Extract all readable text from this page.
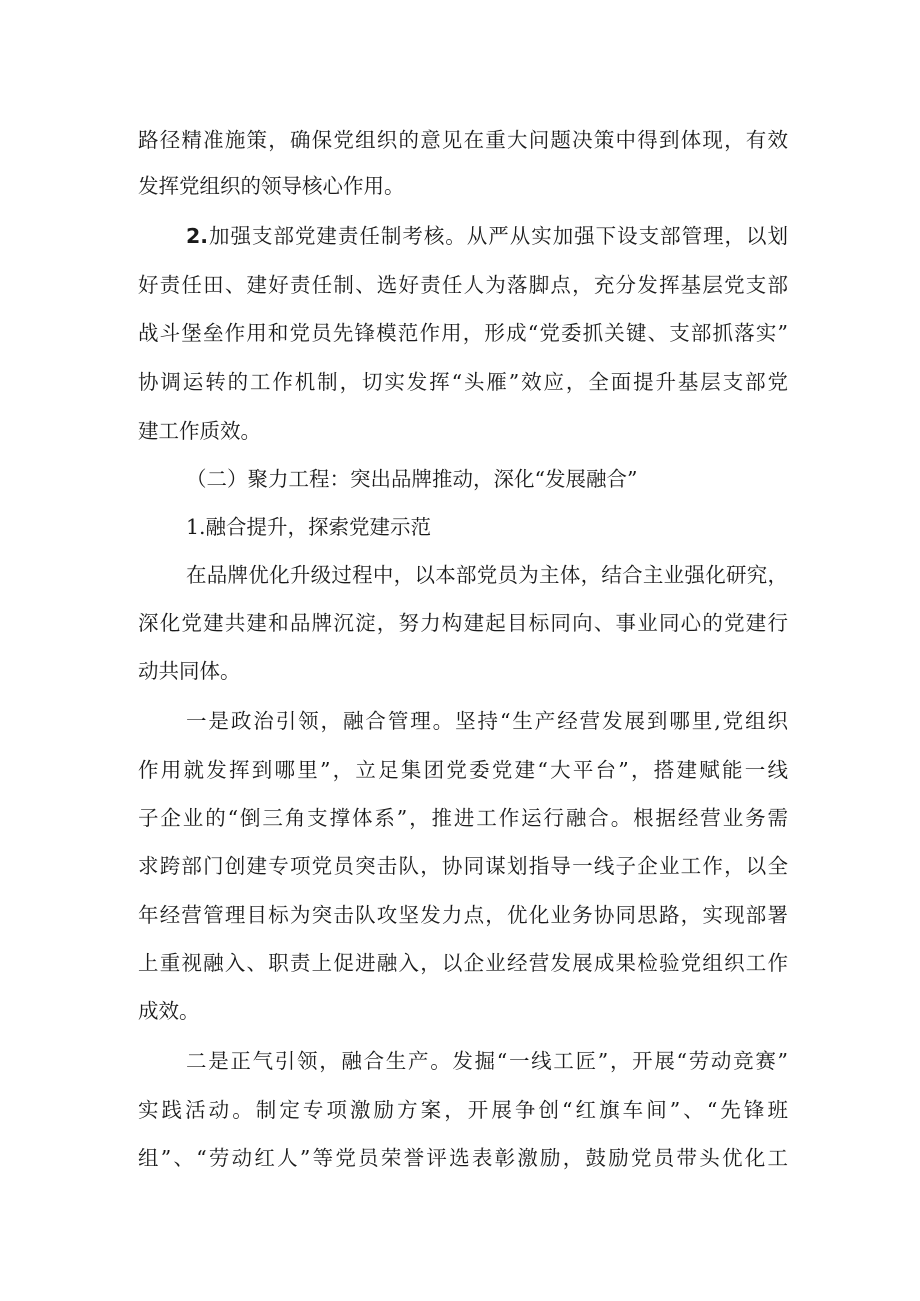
路径精准施策，确保党组织的意见在重大问题决策中得到体现，有效
发挥党组织的领导核心作用。
2.加强支部党建责任制考核。从严从实加强下设支部管理，以划
好责任田、建好责任制、选好责任人为落脚点，充分发挥基层党支部
战斗堡垒作用和党员先锋模范作用，形成“党委抓关键、支部抓落实”
协调运转的工作机制，切实发挥“头雁”效应，全面提升基层支部党
建工作质效。
（二）聚力工程：突出品牌推动，深化“发展融合”
1.融合提升，探索党建示范
在品牌优化升级过程中，以本部党员为主体，结合主业强化研究，
深化党建共建和品牌沉淀，努力构建起目标同向、事业同心的党建行
动共同体。
一是政治引领，融合管理。坚持“生产经营发展到哪里,党组织
作用就发挥到哪里”，立足集团党委党建“大平台”，搭建赋能一线
子企业的“倒三角支撑体系”，推进工作运行融合。根据经营业务需
求跨部门创建专项党员突击队，协同谋划指导一线子企业工作，以全
年经营管理目标为突击队攻坚发力点，优化业务协同思路，实现部署
上重视融入、职责上促进融入，以企业经营发展成果检验党组织工作
成效。
二是正气引领，融合生产。发掘“一线工匠”，开展“劳动竞赛”
实践活动。制定专项激励方案，开展争创“红旗车间”、“先锋班
组”、“劳动红人”等党员荣誉评选表彰激励，鼓励党员带头优化工
